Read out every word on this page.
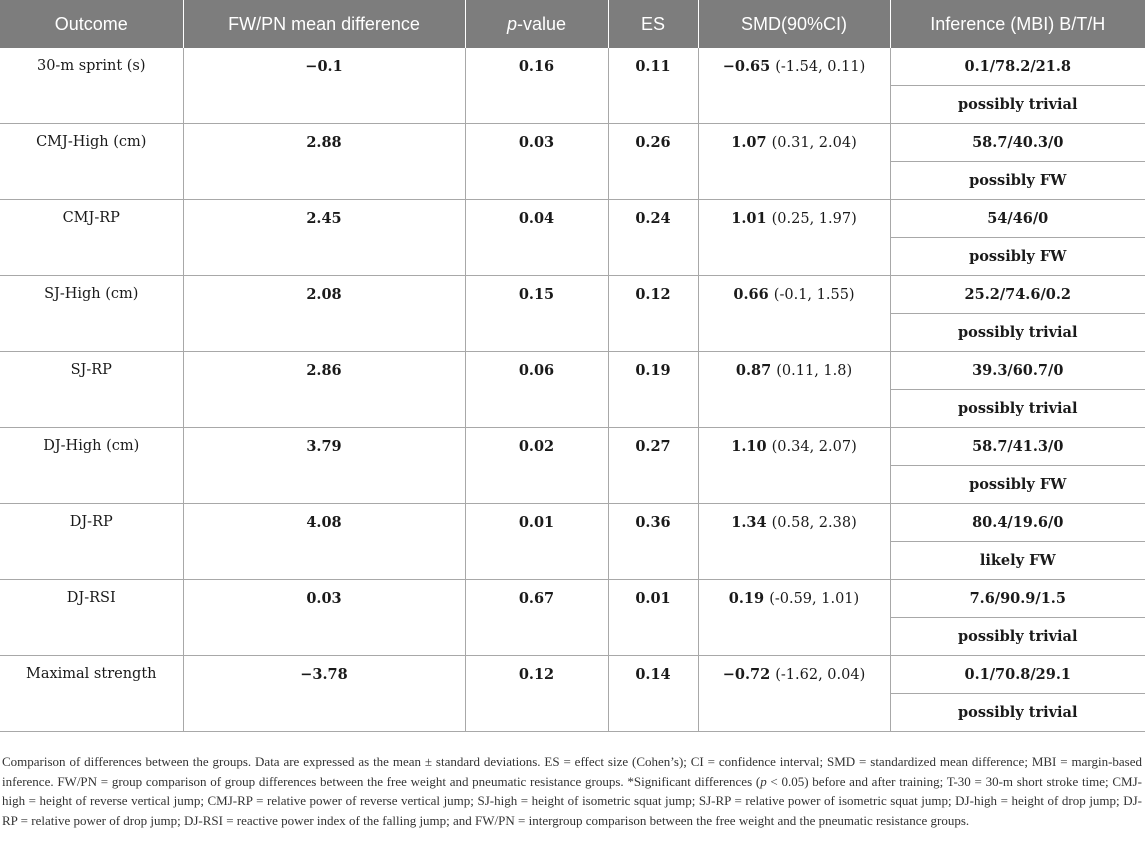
Outcome	FW/PN mean difference	p-value	ES	SMD(90%CI)	Inference (MBI) B/T/H
30-m sprint (s)	−0.1	0.16	0.11	−0.65 (-1.54, 0.11)	0.1/78.2/21.8
					possibly trivial
CMJ-High (cm)	2.88	0.03	0.26	1.07 (0.31, 2.04)	58.7/40.3/0
					possibly FW
CMJ-RP	2.45	0.04	0.24	1.01 (0.25, 1.97)	54/46/0
					possibly FW
SJ-High (cm)	2.08	0.15	0.12	0.66 (-0.1, 1.55)	25.2/74.6/0.2
					possibly trivial
SJ-RP	2.86	0.06	0.19	0.87 (0.11, 1.8)	39.3/60.7/0
					possibly trivial
DJ-High (cm)	3.79	0.02	0.27	1.10 (0.34, 2.07)	58.7/41.3/0
					possibly FW
DJ-RP	4.08	0.01	0.36	1.34 (0.58, 2.38)	80.4/19.6/0
					likely FW
DJ-RSI	0.03	0.67	0.01	0.19 (-0.59, 1.01)	7.6/90.9/1.5
					possibly trivial
Maximal strength	−3.78	0.12	0.14	−0.72 (-1.62, 0.04)	0.1/70.8/29.1
					possibly trivial

Comparison of differences between the groups. Data are expressed as the mean ± standard deviations. ES = effect size (Cohen’s); CI = confidence interval; SMD = standardized mean difference; MBI = margin-based inference. FW/PN = group comparison of group differences between the free weight and pneumatic resistance groups. *Significant differences (p < 0.05) before and after training; T-30 = 30-m short stroke time; CMJ-high = height of reverse vertical jump; CMJ-RP = relative power of reverse vertical jump; SJ-high = height of isometric squat jump; SJ-RP = relative power of isometric squat jump; DJ-high = height of drop jump; DJ-RP = relative power of drop jump; DJ-RSI = reactive power index of the falling jump; and FW/PN = intergroup comparison between the free weight and the pneumatic resistance groups.
